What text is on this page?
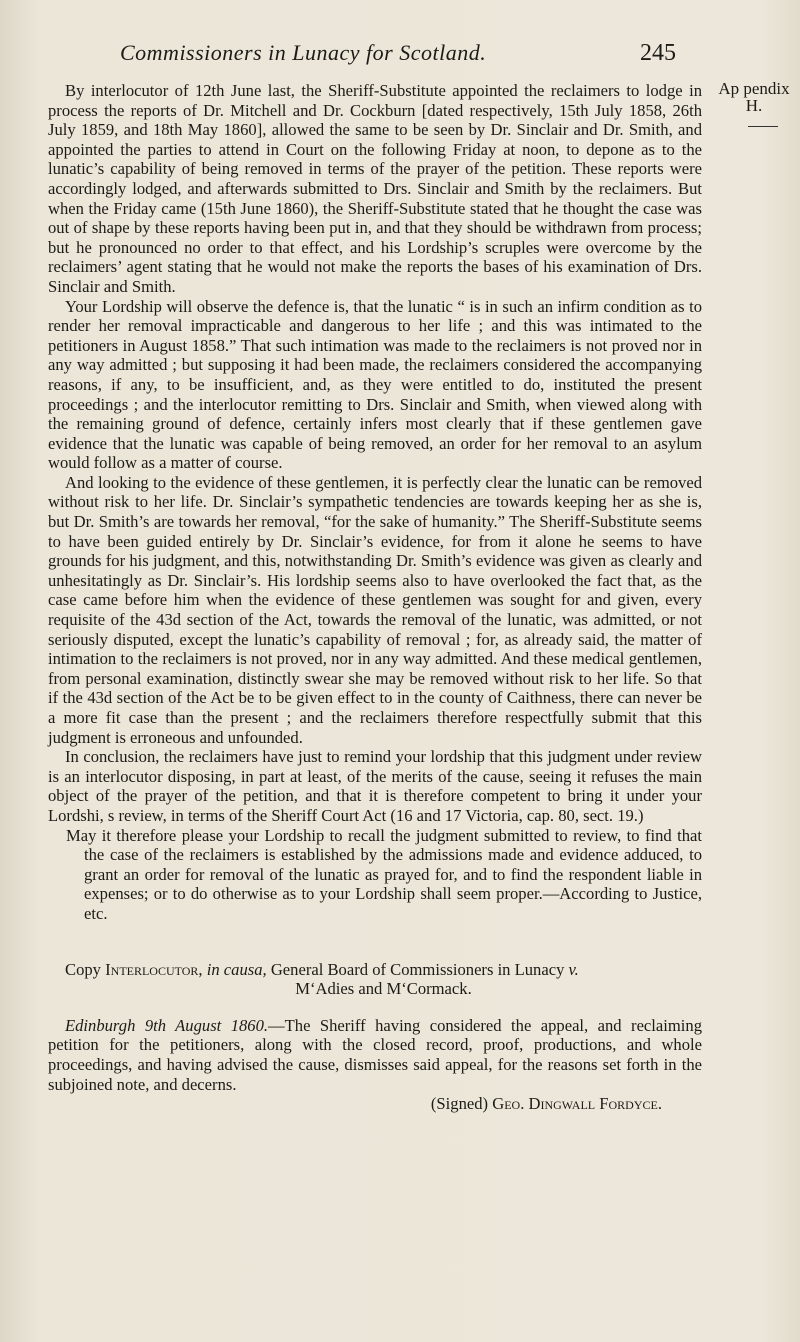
Commissioners in Lunacy for Scotland.	245
Ap pendix H.

By interlocutor of 12th June last, the Sheriff-Substitute appointed the reclaimers to lodge in process the reports of Dr. Mitchell and Dr. Cockburn [dated respectively, 15th July 1858, 26th July 1859, and 18th May 1860], allowed the same to be seen by Dr. Sinclair and Dr. Smith, and appointed the parties to attend in Court on the following Friday at noon, to depone as to the lunatic’s capability of being removed in terms of the prayer of the petition. These reports were accordingly lodged, and afterwards submitted to Drs. Sinclair and Smith by the reclaimers. But when the Friday came (15th June 1860), the Sheriff-Substitute stated that he thought the case was out of shape by these reports having been put in, and that they should be withdrawn from process; but he pronounced no order to that effect, and his Lordship’s scruples were overcome by the reclaimers’ agent stating that he would not make the reports the bases of his examination of Drs. Sinclair and Smith.

Your Lordship will observe the defence is, that the lunatic “ is in such an infirm condition as to render her removal impracticable and dangerous to her life ; and this was intimated to the petitioners in August 1858.” That such intimation was made to the reclaimers is not proved nor in any way admitted ; but supposing it had been made, the reclaimers considered the accompanying reasons, if any, to be insufficient, and, as they were entitled to do, instituted the present proceedings ; and the interlocutor remitting to Drs. Sinclair and Smith, when viewed along with the remaining ground of defence, certainly infers most clearly that if these gentlemen gave evidence that the lunatic was capable of being removed, an order for her removal to an asylum would follow as a matter of course.

And looking to the evidence of these gentlemen, it is perfectly clear the lunatic can be removed without risk to her life. Dr. Sinclair’s sympathetic tendencies are towards keeping her as she is, but Dr. Smith’s are towards her removal, “for the sake of humanity.” The Sheriff-Substitute seems to have been guided entirely by Dr. Sinclair’s evidence, for from it alone he seems to have grounds for his judgment, and this, notwithstanding Dr. Smith’s evidence was given as clearly and unhesitatingly as Dr. Sinclair’s. His lordship seems also to have overlooked the fact that, as the case came before him when the evidence of these gentlemen was sought for and given, every requisite of the 43d section of the Act, towards the removal of the lunatic, was admitted, or not seriously disputed, except the lunatic’s capability of removal ; for, as already said, the matter of intimation to the reclaimers is not proved, nor in any way admitted. And these medical gentlemen, from personal examination, distinctly swear she may be removed without risk to her life. So that if the 43d section of the Act be to be given effect to in the county of Caithness, there can never be a more fit case than the present ; and the reclaimers therefore respectfully submit that this judgment is erroneous and unfounded.

In conclusion, the reclaimers have just to remind your lordship that this judgment under review is an interlocutor disposing, in part at least, of the merits of the cause, seeing it refuses the main object of the prayer of the petition, and that it is therefore competent to bring it under your Lordshi, s review, in terms of the Sheriff Court Act (16 and 17 Victoria, cap. 80, sect. 19.)

May it therefore please your Lordship to recall the judgment submitted to review, to find that the case of the reclaimers is established by the admissions made and evidence adduced, to grant an order for removal of the lunatic as prayed for, and to find the respondent liable in expenses; or to do otherwise as to your Lordship shall seem proper.—According to Justice, etc.

Copy Interlocutor, in causa, General Board of Commissioners in Lunacy v.
M‘Adies and M‘Cormack.

Edinburgh 9th August 1860.—The Sheriff having considered the appeal, and reclaiming petition for the petitioners, along with the closed record, proof, productions, and whole proceedings, and having advised the cause, dismisses said appeal, for the reasons set forth in the subjoined note, and decerns.

(Signed) Geo. Dingwall Fordyce.
